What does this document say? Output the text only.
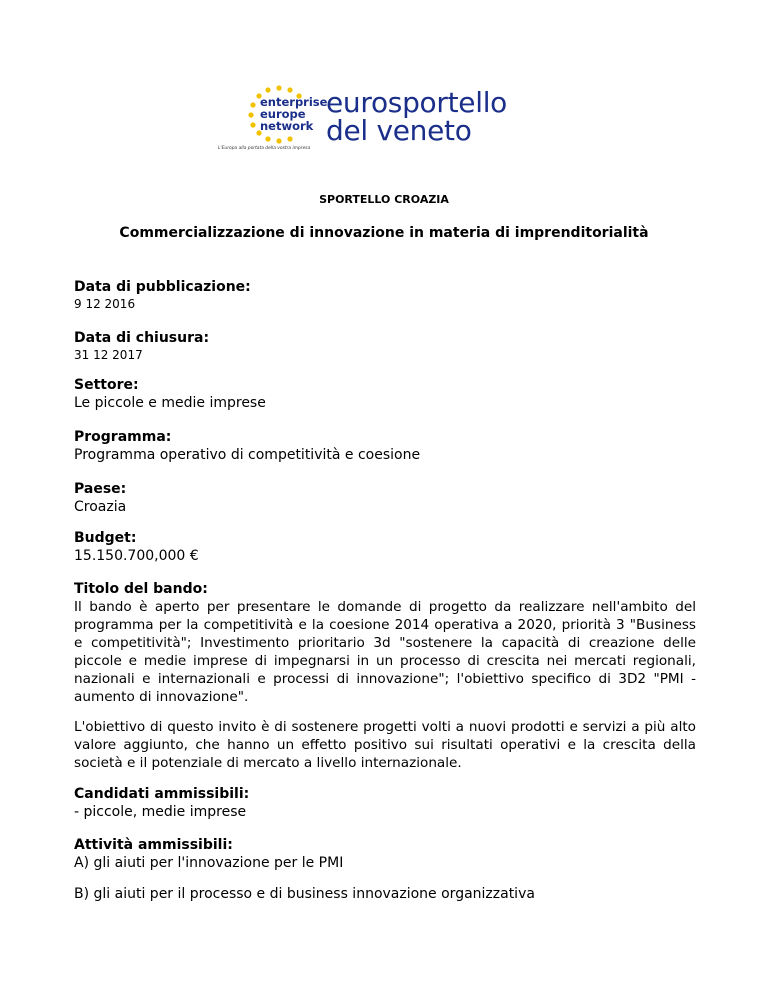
enterprise
europe
network
eurosportello
del veneto
L'Europa alla portata della vostra impresa
SPORTELLO CROAZIA
Commercializzazione di innovazione in materia di imprenditorialità
Data di pubblicazione:
9 12 2016
Data di chiusura:
31 12 2017
Settore:
Le piccole e medie imprese
Programma:
Programma operativo di competitività e coesione
Paese:
Croazia
Budget:
15.150.700,000 €
Titolo del bando:
Il bando è aperto per presentare le domande di progetto da realizzare nell'ambito del programma per la competitività e la coesione 2014 operativa a 2020, priorità 3 "Business e competitività"; Investimento prioritario 3d "sostenere la capacità di creazione delle piccole e medie imprese di impegnarsi in un processo di crescita nei mercati regionali, nazionali e internazionali e processi di innovazione"; l'obiettivo specifico di 3D2 "PMI - aumento di innovazione".
L'obiettivo di questo invito è di sostenere progetti volti a nuovi prodotti e servizi a più alto valore aggiunto, che hanno un effetto positivo sui risultati operativi e la crescita della società e il potenziale di mercato a livello internazionale.
Candidati ammissibili:
- piccole, medie imprese
Attività ammissibili:
A) gli aiuti per l'innovazione per le PMI
B) gli aiuti per il processo e di business innovazione organizzativa
